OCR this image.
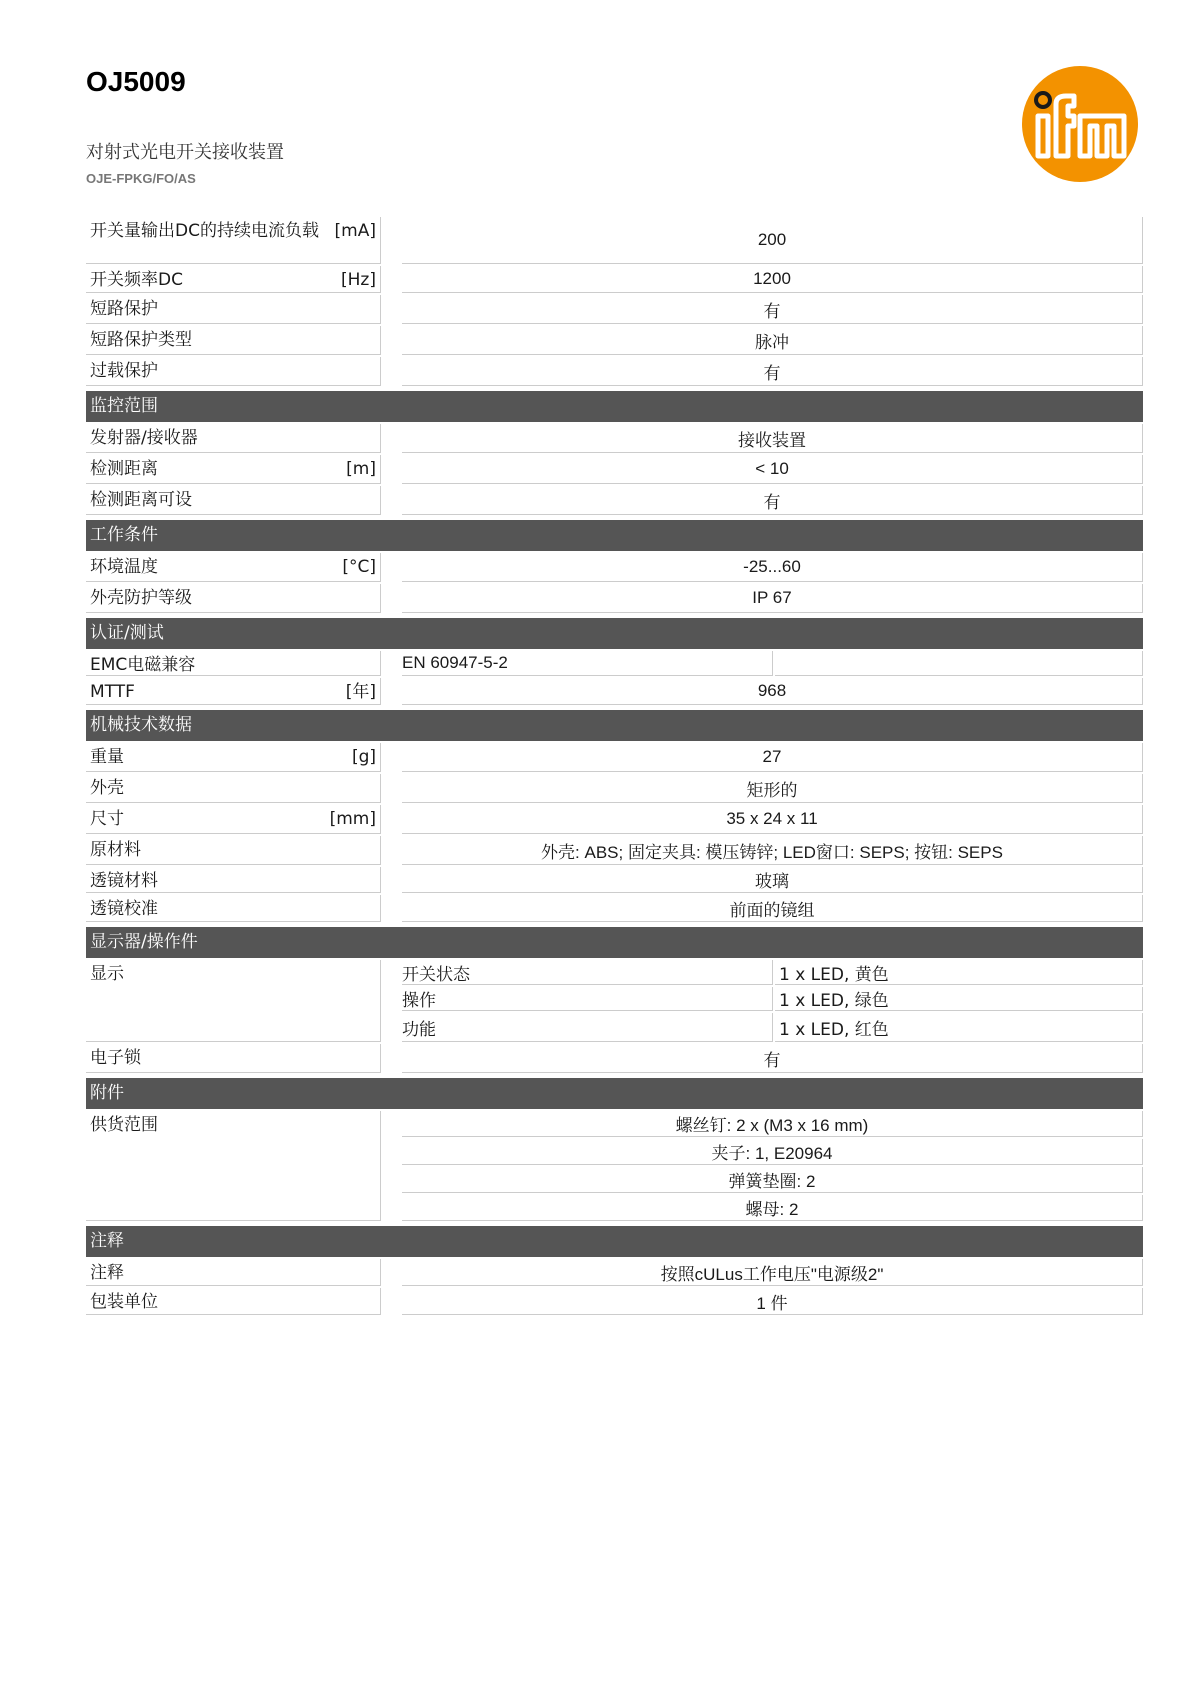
OJ5009
对射式光电开关接收装置
OJE-FPKG/FO/AS
开关量输出DC的持续电流负载 [mA]	200
开关频率DC	[Hz]	1200
短路保护	有
短路保护类型	脉冲
过载保护	有
监控范围
发射器/接收器	接收装置
检测距离	[m]	< 10
检测距离可设	有
工作条件
环境温度	[°C]	-25...60
外壳防护等级	IP 67
认证/测试
EMC电磁兼容	EN 60947-5-2
MTTF	[年]	968
机械技术数据
重量	[g]	27
外壳	矩形的
尺寸	[mm]	35 x 24 x 11
原材料	外壳: ABS; 固定夹具: 模压铸锌; LED窗口: SEPS; 按钮: SEPS
透镜材料	玻璃
透镜校准	前面的镜组
显示器/操作件
显示	开关状态	1 x LED, 黄色
操作	1 x LED, 绿色
功能	1 x LED, 红色
电子锁	有
附件
供货范围	螺丝钉: 2 x (M3 x 16 mm)
夹子: 1, E20964
弹簧垫圈: 2
螺母: 2
注释
注释	按照cULus工作电压"电源级2"
包装单位	1 件
